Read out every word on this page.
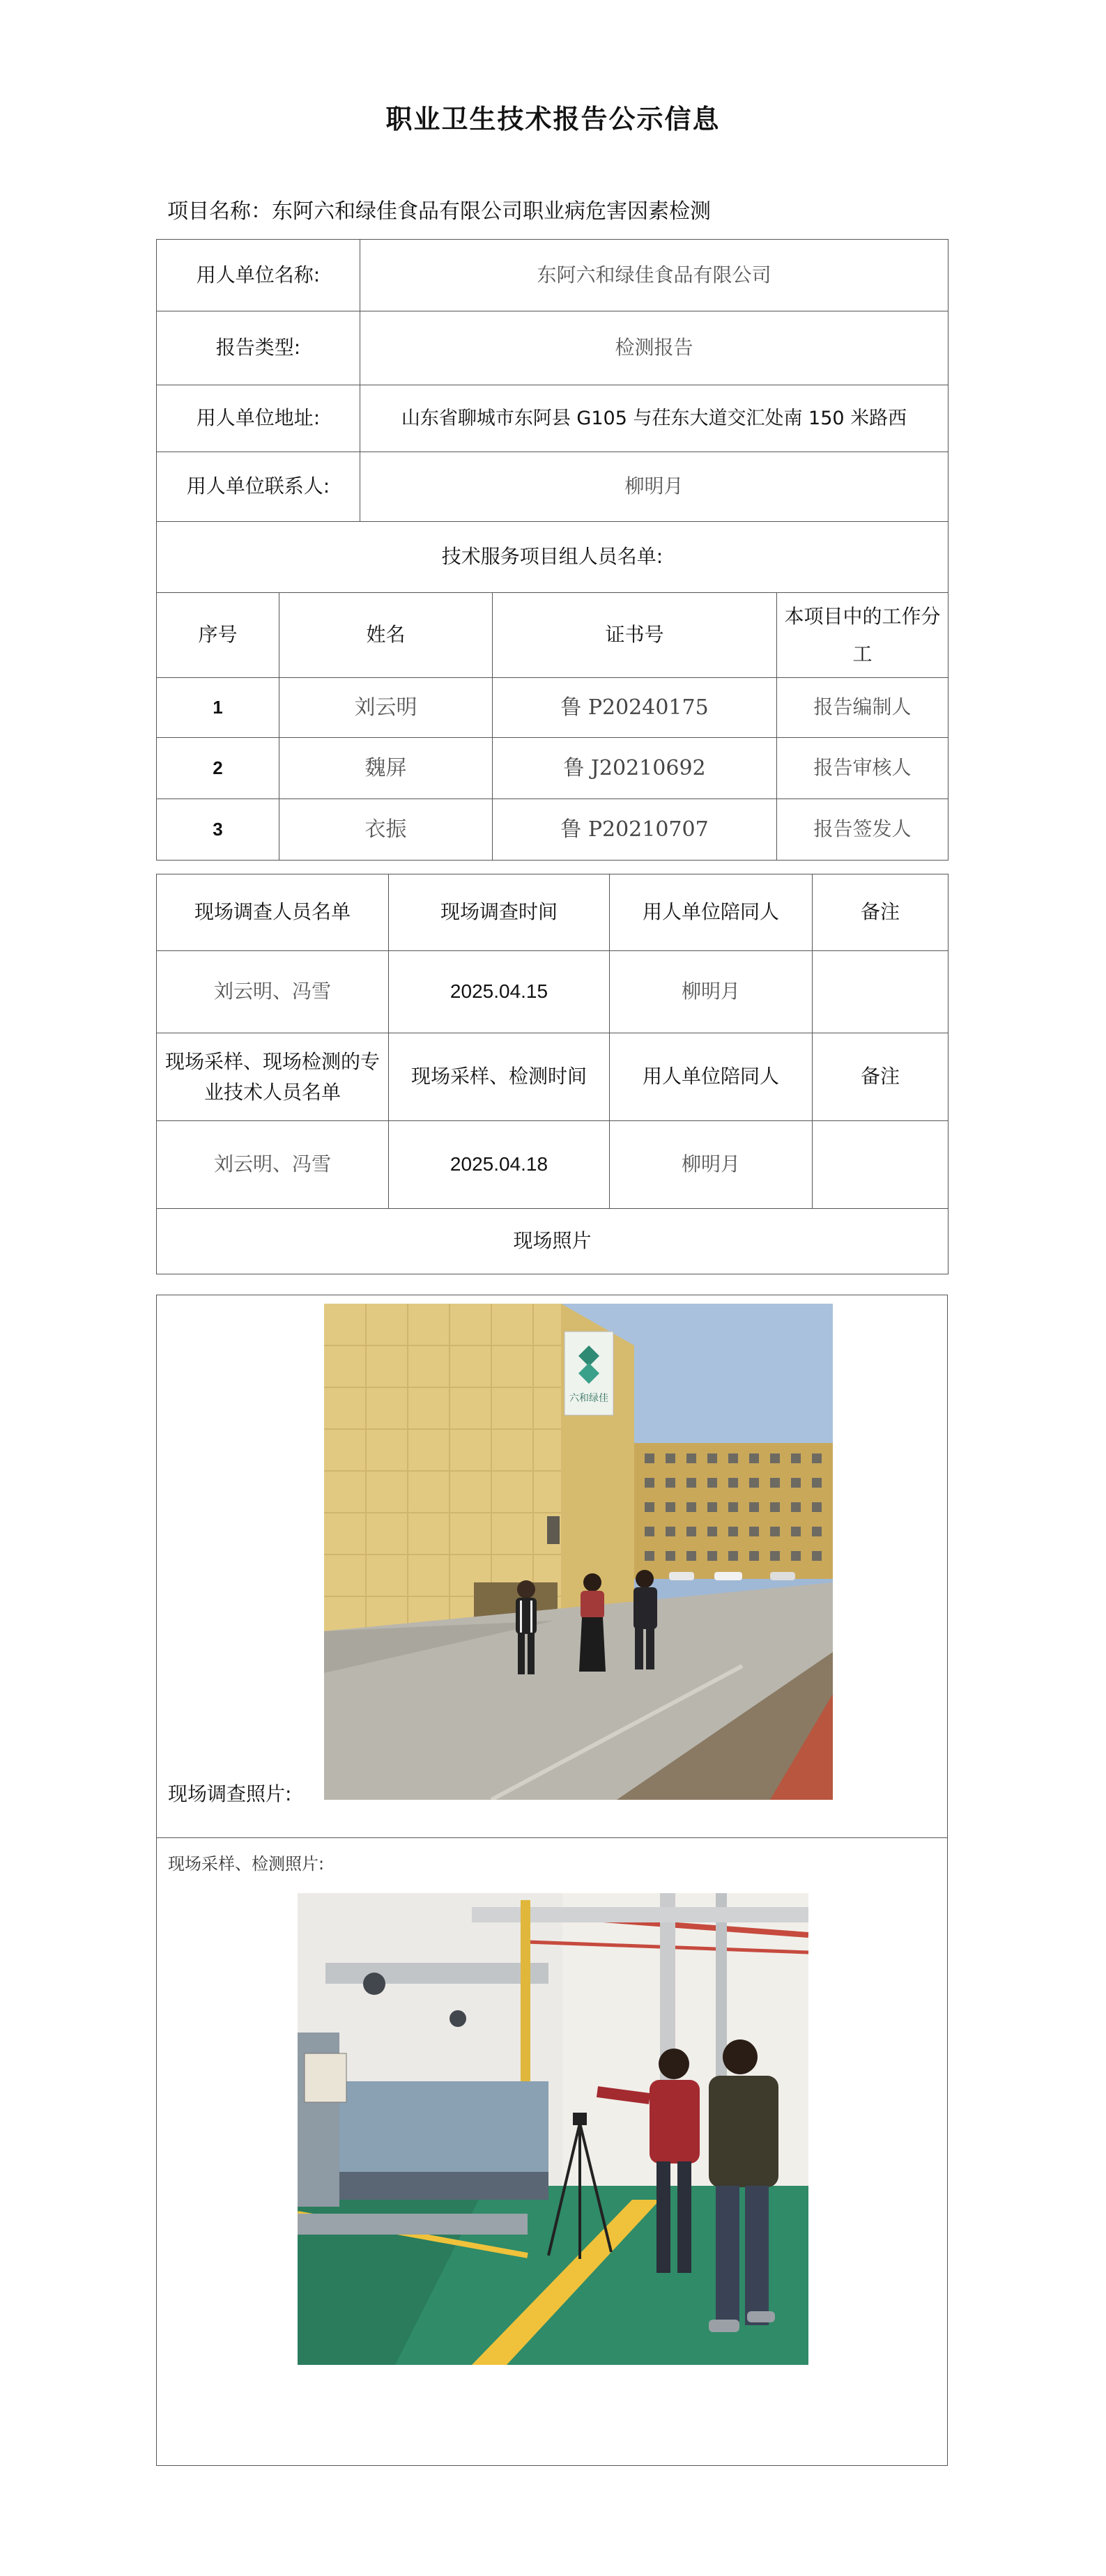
职业卫生技术报告公示信息
项目名称：东阿六和绿佳食品有限公司职业病危害因素检测
用人单位名称:		东阿六和绿佳食品有限公司		
报告类型:		检测报告		
用人单位地址:		山东省聊城市东阿县 G105 与茌东大道交汇处南 150 米路西		
用人单位联系人:		柳明月		
技术服务项目组人员名单:				
序号	姓名		证书号	本项目中的工作分工
1	刘云明		鲁 P20240175	报告编制人
2	魏屏		鲁 J20210692	报告审核人
3	衣振		鲁 P20210707	报告签发人
现场调查人员名单	现场调查时间	用人单位陪同人	备注
刘云明、冯雪	2025.04.15	柳明月	
现场采样、现场检测的专业技术人员名单	现场采样、检测时间	用人单位陪同人	备注
刘云明、冯雪	2025.04.18	柳明月	
现场照片			
六和绿佳
现场调查照片:
现场采样、检测照片:
